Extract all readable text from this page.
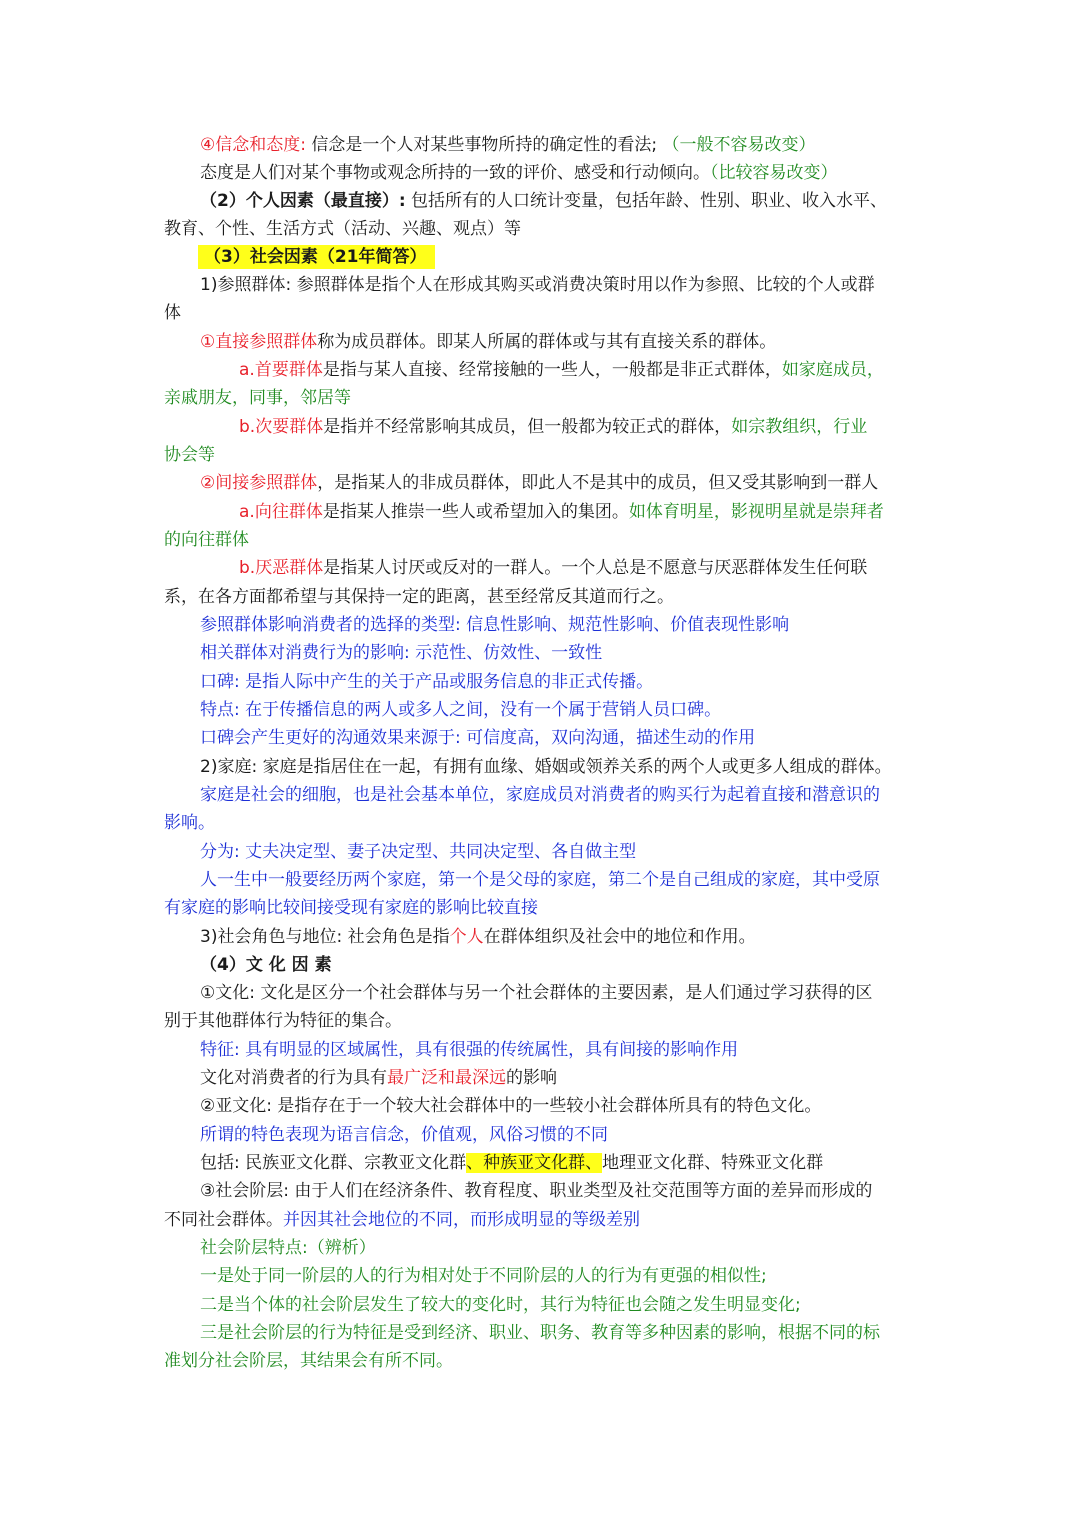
④信念和态度: 信念是一个人对某些事物所持的确定性的看法; （一般不容易改变）
态度是人们对某个事物或观念所持的一致的评价、感受和行动倾向。（比较容易改变）
（2）个人因素（最直接）: 包括所有的人口统计变量，包括年龄、性别、职业、收入水平、
教育、个性、生活方式（活动、兴趣、观点）等
（3）社会因素（21年简答）
1)参照群体: 参照群体是指个人在形成其购买或消费决策时用以作为参照、比较的个人或群
体
①直接参照群体称为成员群体。即某人所属的群体或与其有直接关系的群体。
a.首要群体是指与某人直接、经常接触的一些人，一般都是非正式群体，如家庭成员，
亲戚朋友，同事，邻居等
b.次要群体是指并不经常影响其成员，但一般都为较正式的群体，如宗教组织，行业
协会等
②间接参照群体，是指某人的非成员群体，即此人不是其中的成员，但又受其影响到一群人
a.向往群体是指某人推崇一些人或希望加入的集团。如体育明星，影视明星就是崇拜者
的向往群体
b.厌恶群体是指某人讨厌或反对的一群人。一个人总是不愿意与厌恶群体发生任何联
系，在各方面都希望与其保持一定的距离，甚至经常反其道而行之。
参照群体影响消费者的选择的类型: 信息性影响、规范性影响、价值表现性影响
相关群体对消费行为的影响: 示范性、仿效性、一致性
口碑: 是指人际中产生的关于产品或服务信息的非正式传播。
特点: 在于传播信息的两人或多人之间，没有一个属于营销人员口碑。
口碑会产生更好的沟通效果来源于: 可信度高，双向沟通，描述生动的作用
2)家庭: 家庭是指居住在一起，有拥有血缘、婚姻或领养关系的两个人或更多人组成的群体。
家庭是社会的细胞，也是社会基本单位，家庭成员对消费者的购买行为起着直接和潜意识的
影响。
分为: 丈夫决定型、妻子决定型、共同决定型、各自做主型
人一生中一般要经历两个家庭，第一个是父母的家庭，第二个是自己组成的家庭，其中受原
有家庭的影响比较间接受现有家庭的影响比较直接
3)社会角色与地位: 社会角色是指个人在群体组织及社会中的地位和作用。
（4）文 化 因 素
①文化: 文化是区分一个社会群体与另一个社会群体的主要因素，是人们通过学习获得的区
别于其他群体行为特征的集合。
特征: 具有明显的区域属性，具有很强的传统属性，具有间接的影响作用
文化对消费者的行为具有最广泛和最深远的影响
②亚文化: 是指存在于一个较大社会群体中的一些较小社会群体所具有的特色文化。
所谓的特色表现为语言信念，价值观，风俗习惯的不同
包括: 民族亚文化群、宗教亚文化群、种族亚文化群、地理亚文化群、特殊亚文化群
③社会阶层: 由于人们在经济条件、教育程度、职业类型及社交范围等方面的差异而形成的
不同社会群体。并因其社会地位的不同，而形成明显的等级差别
社会阶层特点:（辨析）
一是处于同一阶层的人的行为相对处于不同阶层的人的行为有更强的相似性;
二是当个体的社会阶层发生了较大的变化时，其行为特征也会随之发生明显变化;
三是社会阶层的行为特征是受到经济、职业、职务、教育等多种因素的影响，根据不同的标
准划分社会阶层，其结果会有所不同。
